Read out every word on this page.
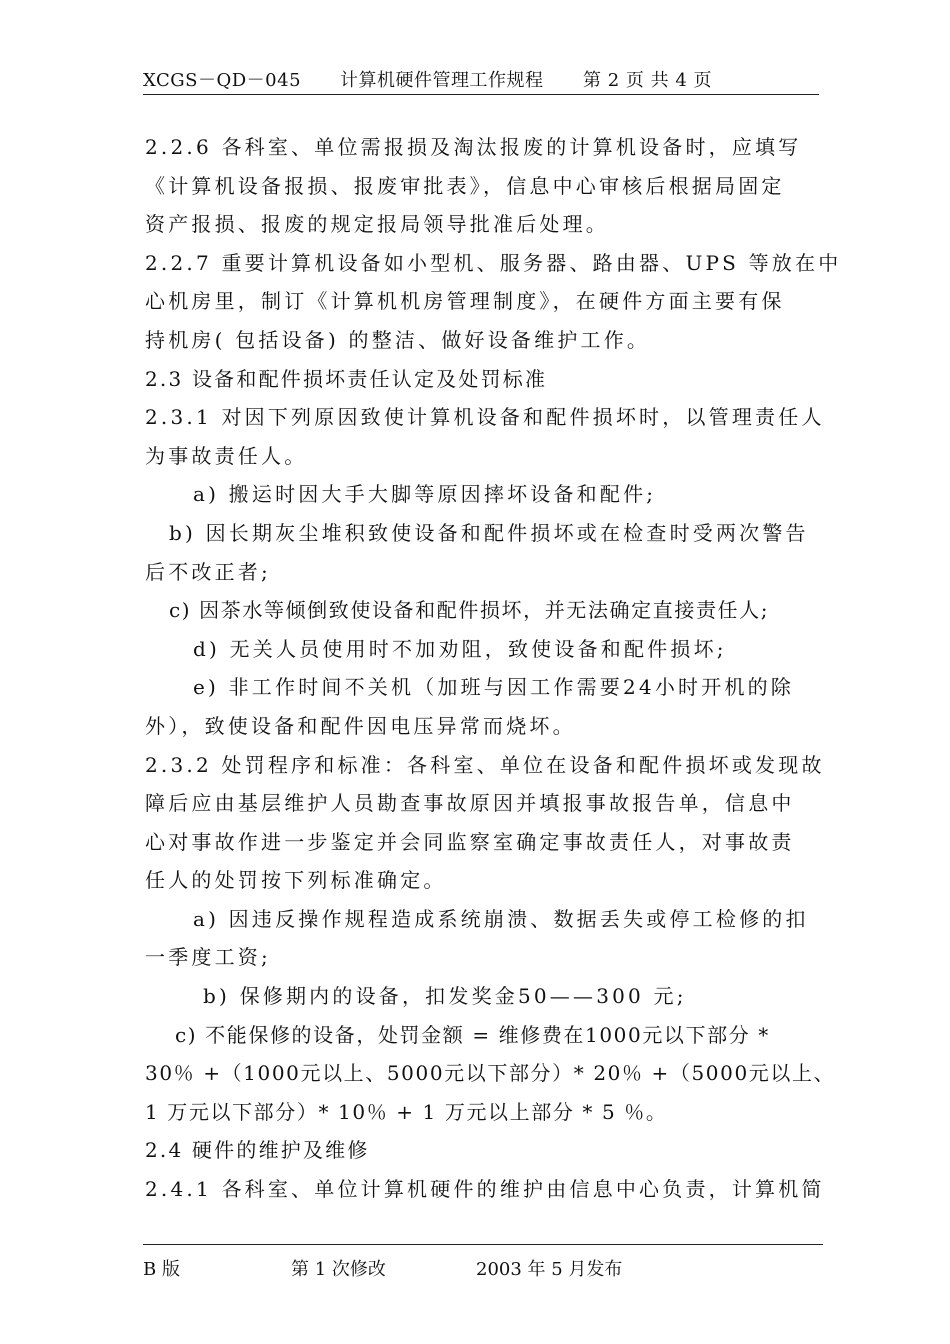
XCGS－QD－045 计算机硬件管理工作规程 第 2 页 共 4 页
2.2.6 各科室、单位需报损及淘汰报废的计算机设备时，应填写
《计算机设备报损、报废审批表》，信息中心审核后根据局固定
资产报损、报废的规定报局领导批准后处理。
2.2.7 重要计算机设备如小型机、服务器、路由器、UPS 等放在中
心机房里，制订《计算机机房管理制度》，在硬件方面主要有保
持机房( 包括设备) 的整洁、做好设备维护工作。
2.3 设备和配件损坏责任认定及处罚标准
2.3.1 对因下列原因致使计算机设备和配件损坏时，以管理责任人
为事故责任人。
a) 搬运时因大手大脚等原因摔坏设备和配件;
b) 因长期灰尘堆积致使设备和配件损坏或在检查时受两次警告
后不改正者;
c) 因茶水等倾倒致使设备和配件损坏，并无法确定直接责任人;
d) 无关人员使用时不加劝阻，致使设备和配件损坏;
e) 非工作时间不关机（加班与因工作需要24小时开机的除
外），致使设备和配件因电压异常而烧坏。
2.3.2 处罚程序和标准：各科室、单位在设备和配件损坏或发现故
障后应由基层维护人员勘查事故原因并填报事故报告单，信息中
心对事故作进一步鉴定并会同监察室确定事故责任人，对事故责
任人的处罚按下列标准确定。
a) 因违反操作规程造成系统崩溃、数据丢失或停工检修的扣
一季度工资;
b) 保修期内的设备，扣发奖金50——300 元;
c) 不能保修的设备，处罚金额 = 维修费在1000元以下部分 *
30％ +（1000元以上、5000元以下部分）* 20％ +（5000元以上、
1 万元以下部分）* 10％ + 1 万元以上部分 * 5 ％。
2.4 硬件的维护及维修
2.4.1 各科室、单位计算机硬件的维护由信息中心负责，计算机简
B 版	第 1 次修改	2003 年 5 月发布
